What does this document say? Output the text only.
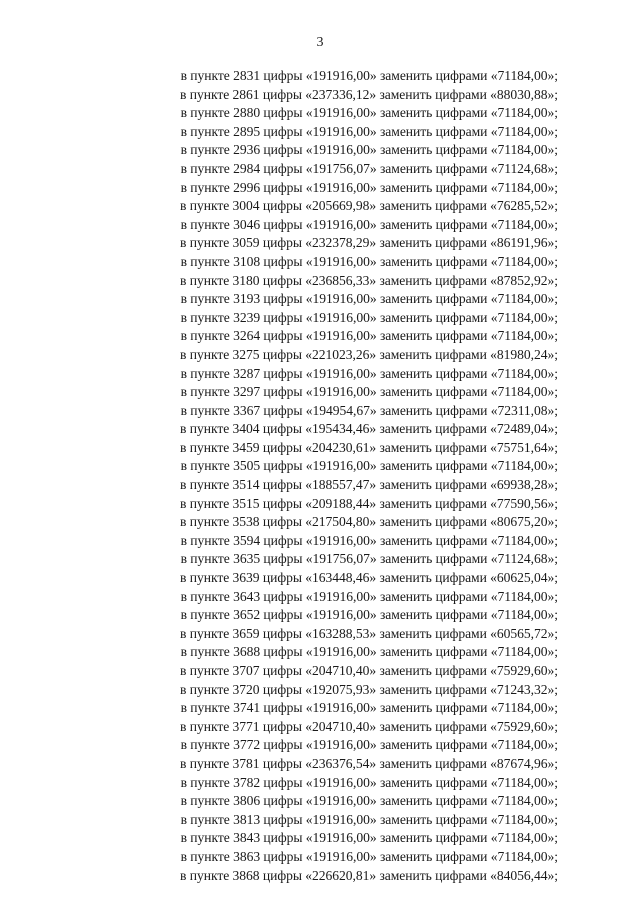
3
в пункте 2831 цифры «191916,00» заменить цифрами «71184,00»;
в пункте 2861 цифры «237336,12» заменить цифрами «88030,88»;
в пункте 2880 цифры «191916,00» заменить цифрами «71184,00»;
в пункте 2895 цифры «191916,00» заменить цифрами «71184,00»;
в пункте 2936 цифры «191916,00» заменить цифрами «71184,00»;
в пункте 2984 цифры «191756,07» заменить цифрами «71124,68»;
в пункте 2996 цифры «191916,00» заменить цифрами «71184,00»;
в пункте 3004 цифры «205669,98» заменить цифрами «76285,52»;
в пункте 3046 цифры «191916,00» заменить цифрами «71184,00»;
в пункте 3059 цифры «232378,29» заменить цифрами «86191,96»;
в пункте 3108 цифры «191916,00» заменить цифрами «71184,00»;
в пункте 3180 цифры «236856,33» заменить цифрами «87852,92»;
в пункте 3193 цифры «191916,00» заменить цифрами «71184,00»;
в пункте 3239 цифры «191916,00» заменить цифрами «71184,00»;
в пункте 3264 цифры «191916,00» заменить цифрами «71184,00»;
в пункте 3275 цифры «221023,26» заменить цифрами «81980,24»;
в пункте 3287 цифры «191916,00» заменить цифрами «71184,00»;
в пункте 3297 цифры «191916,00» заменить цифрами «71184,00»;
в пункте 3367 цифры «194954,67» заменить цифрами «72311,08»;
в пункте 3404 цифры «195434,46» заменить цифрами «72489,04»;
в пункте 3459 цифры «204230,61» заменить цифрами «75751,64»;
в пункте 3505 цифры «191916,00» заменить цифрами «71184,00»;
в пункте 3514 цифры «188557,47» заменить цифрами «69938,28»;
в пункте 3515 цифры «209188,44» заменить цифрами «77590,56»;
в пункте 3538 цифры «217504,80» заменить цифрами «80675,20»;
в пункте 3594 цифры «191916,00» заменить цифрами «71184,00»;
в пункте 3635 цифры «191756,07» заменить цифрами «71124,68»;
в пункте 3639 цифры «163448,46» заменить цифрами «60625,04»;
в пункте 3643 цифры «191916,00» заменить цифрами «71184,00»;
в пункте 3652 цифры «191916,00» заменить цифрами «71184,00»;
в пункте 3659 цифры «163288,53» заменить цифрами «60565,72»;
в пункте 3688 цифры «191916,00» заменить цифрами «71184,00»;
в пункте 3707 цифры «204710,40» заменить цифрами «75929,60»;
в пункте 3720 цифры «192075,93» заменить цифрами «71243,32»;
в пункте 3741 цифры «191916,00» заменить цифрами «71184,00»;
в пункте 3771 цифры «204710,40» заменить цифрами «75929,60»;
в пункте 3772 цифры «191916,00» заменить цифрами «71184,00»;
в пункте 3781 цифры «236376,54» заменить цифрами «87674,96»;
в пункте 3782 цифры «191916,00» заменить цифрами «71184,00»;
в пункте 3806 цифры «191916,00» заменить цифрами «71184,00»;
в пункте 3813 цифры «191916,00» заменить цифрами «71184,00»;
в пункте 3843 цифры «191916,00» заменить цифрами «71184,00»;
в пункте 3863 цифры «191916,00» заменить цифрами «71184,00»;
в пункте 3868 цифры «226620,81» заменить цифрами «84056,44»;
